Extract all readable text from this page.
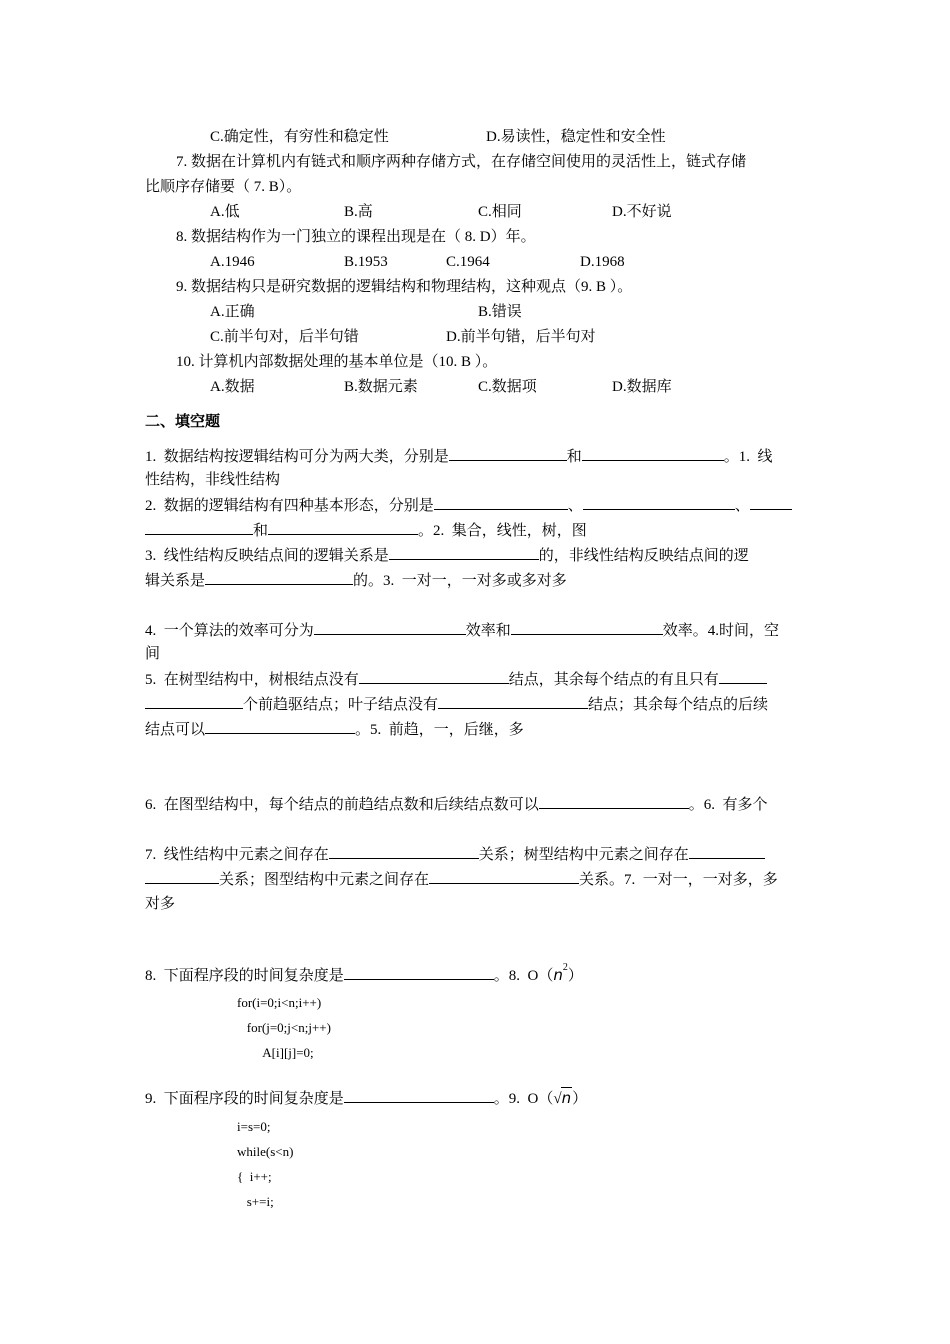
C.确定性，有穷性和稳定性	D.易读性，稳定性和安全性
7. 数据在计算机内有链式和顺序两种存储方式，在存储空间使用的灵活性上，链式存储
比顺序存储要（ 7. B）。
A.低	B.高	C.相同	D.不好说
8. 数据结构作为一门独立的课程出现是在（ 8. D）年。
A.1946	B.1953	C.1964	D.1968
9. 数据结构只是研究数据的逻辑结构和物理结构，这种观点（9. B ）。
A.正确	B.错误
C.前半句对，后半句错	D.前半句错，后半句对
10. 计算机内部数据处理的基本单位是（10. B ）。
A.数据	B.数据元素	C.数据项	D.数据库
二、填空题
1.  数据结构按逻辑结构可分为两大类，分别是	和	。1.  线
性结构，非线性结构
2.  数据的逻辑结构有四种基本形态，分别是	、	、
和	。2.  集合，线性，树，图
3.  线性结构反映结点间的逻辑关系是	的，非线性结构反映结点间的逻
辑关系是	的。3.  一对一，一对多或多对多
4.  一个算法的效率可分为	效率和	效率。4.时间，空
间
5.  在树型结构中，树根结点没有	结点，其余每个结点的有且只有
个前趋驱结点；叶子结点没有	结点；其余每个结点的后续
结点可以	。5.  前趋，一，后继，多
6.  在图型结构中，每个结点的前趋结点数和后续结点数可以	。6.  有多个
7.  线性结构中元素之间存在	关系；树型结构中元素之间存在
关系；图型结构中元素之间存在	关系。7.  一对一，一对多，多
对多
8.  下面程序段的时间复杂度是	。8.  $O(n^2)$
for(i=0;i<n;i++)
for(j=0;j<n;j++)
A[i][j]=0;
9.  下面程序段的时间复杂度是	。9.  O（√n）
i=s=0;
while(s<n)
{  i++;
s+=i;
